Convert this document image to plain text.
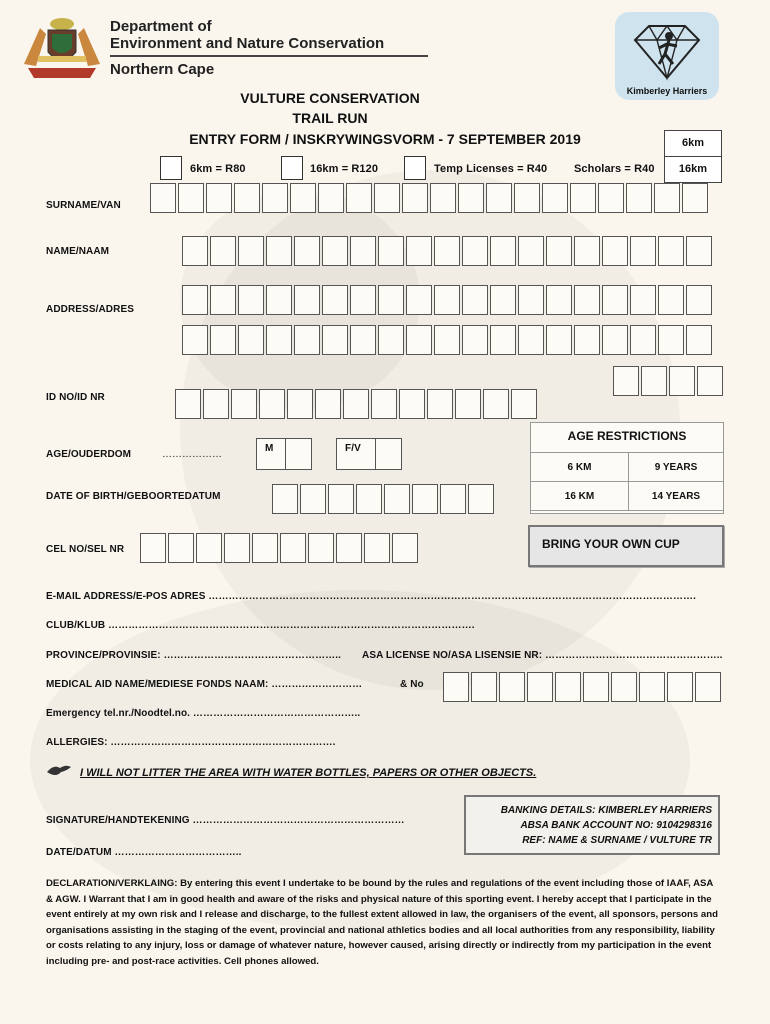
Department of
Environment and Nature Conservation
Northern Cape
Kimberley Harriers
VULTURE CONSERVATION
TRAIL RUN
ENTRY FORM / INSKRYWINGSVORM - 7 SEPTEMBER 2019	6km
16km
6km = R80	16km = R120	Temp Licenses = R40 Scholars = R40
SURNAME/VAN
NAME/NAAM
ADDRESS/ADRES
ID NO/ID NR
AGE/OUDERDOM	………………
M	F/V
AGE RESTRICTIONS
6 KM	9 YEARS
16 KM	14 YEARS
DATE OF BIRTH/GEBOORTEDATUM
BRING YOUR OWN CUP
CEL NO/SEL NR
E-MAIL ADDRESS/E-POS ADRES ……………………………………………………………………………………………………………………………….
CLUB/KLUB ……………………………………………………………………………………………….
PROVINCE/PROVINSIE: …………………………………………….. ASA LICENSE NO/ASA LISENSIE NR: ……………………………………………..
MEDICAL AID NAME/MEDIESE FONDS NAAM: ………………………	& No
Emergency tel.nr./Noodtel.no. …………………………………………..
ALLERGIES: ………………………………………………………….
I WILL NOT LITTER THE AREA WITH WATER BOTTLES, PAPERS OR OTHER OBJECTS.
BANKING DETAILS: KIMBERLEY HARRIERS
ABSA BANK ACCOUNT NO: 9104298316
REF: NAME & SURNAME / VULTURE TR
SIGNATURE/HANDTEKENING ………………………………………………………
DATE/DATUM ………………………………..
DECLARATION/VERKLAING: By entering this event I undertake to be bound by the rules and regulations of the event including those of IAAF, ASA & AGW. I Warrant that I am in good health and aware of the risks and physical nature of this sporting event. I hereby accept that I participate in the event entirely at my own risk and I release and discharge, to the fullest extent allowed in law, the organisers of the event, all sponsors, persons and organisations assisting in the staging of the event, provincial and national athletics bodies and all local authorities from any responsibility, liability or costs relating to any injury, loss or damage of whatever nature, however caused, arising directly or indirectly from my participation in the event including pre- and post-race activities. Cell phones allowed.
